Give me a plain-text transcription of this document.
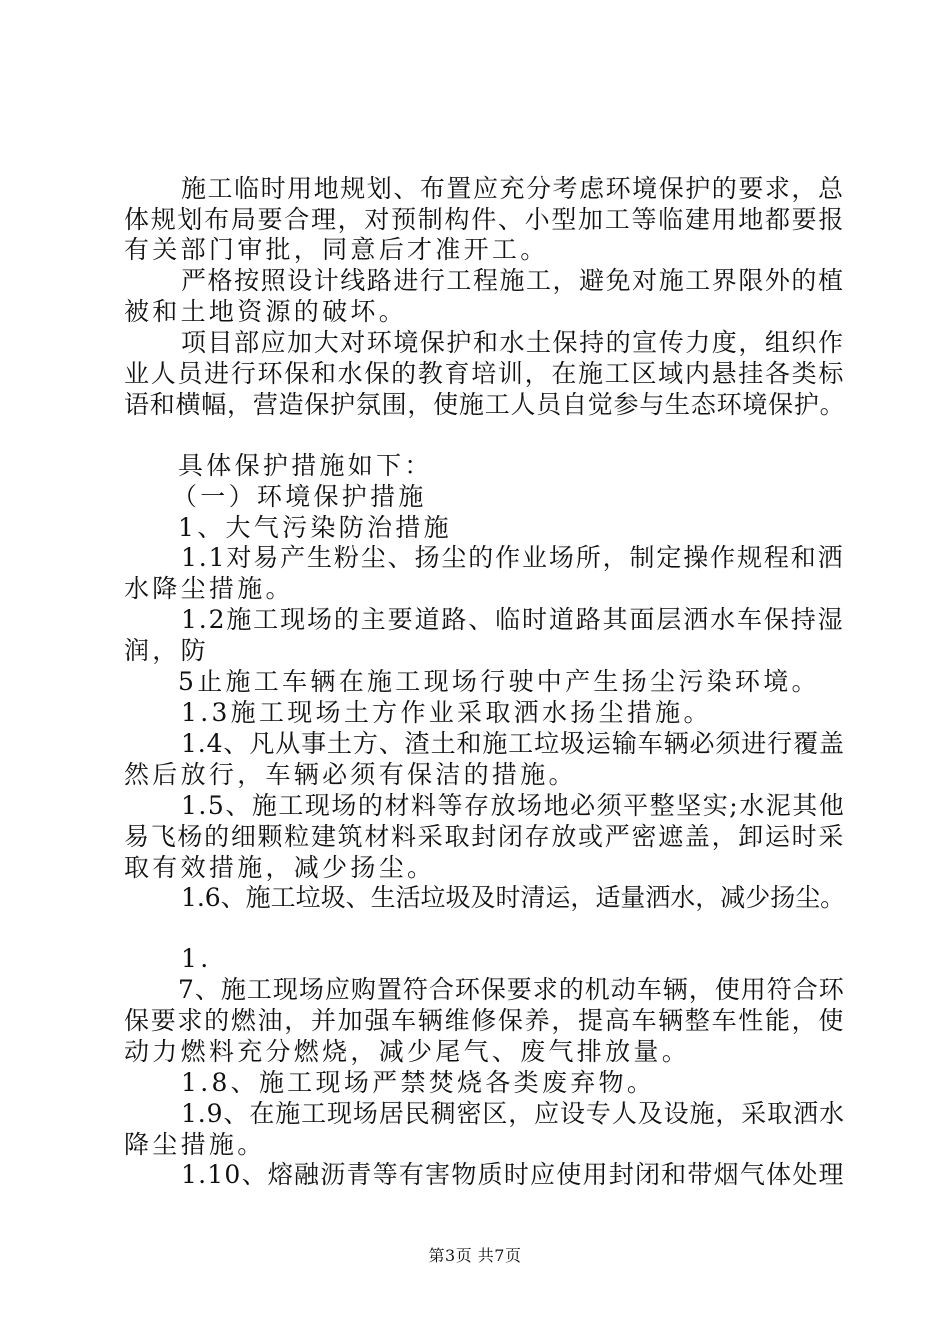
施工临时用地规划、布置应充分考虑环境保护的要求，总
体规划布局要合理，对预制构件、小型加工等临建用地都要报
有关部门审批，同意后才准开工。
严格按照设计线路进行工程施工，避免对施工界限外的植
被和土地资源的破坏。
项目部应加大对环境保护和水土保持的宣传力度，组织作
业人员进行环保和水保的教育培训，在施工区域内悬挂各类标
语和横幅，营造保护氛围，使施工人员自觉参与生态环境保护。
具体保护措施如下：
（一）环境保护措施
1、大气污染防治措施
1.1对易产生粉尘、扬尘的作业场所，制定操作规程和洒
水降尘措施。
1.2施工现场的主要道路、临时道路其面层洒水车保持湿
润，防
5止施工车辆在施工现场行驶中产生扬尘污染环境。
1.3施工现场土方作业采取洒水扬尘措施。
1.4、凡从事土方、渣土和施工垃圾运输车辆必须进行覆盖
然后放行，车辆必须有保洁的措施。
1.5、施工现场的材料等存放场地必须平整坚实;水泥其他
易飞杨的细颗粒建筑材料采取封闭存放或严密遮盖，卸运时采
取有效措施，减少扬尘。
1.6、施工垃圾、生活垃圾及时清运，适量洒水，减少扬尘。
1.
7、施工现场应购置符合环保要求的机动车辆，使用符合环
保要求的燃油，并加强车辆维修保养，提高车辆整车性能，使
动力燃料充分燃烧，减少尾气、废气排放量。
1.8、施工现场严禁焚烧各类废弃物。
1.9、在施工现场居民稠密区，应设专人及设施，采取洒水
降尘措施。
1.10、熔融沥青等有害物质时应使用封闭和带烟气体处理
第3页 共7页
